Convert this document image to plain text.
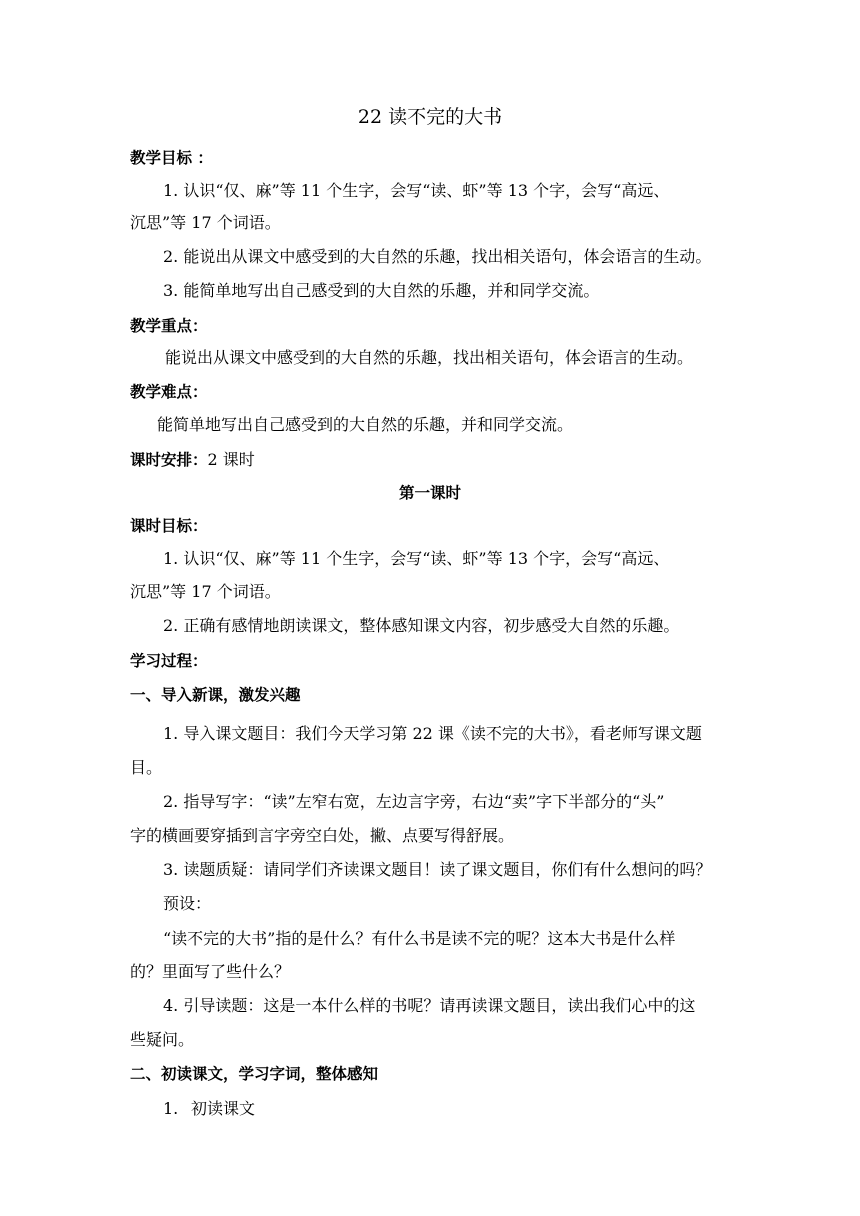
22 读不完的大书
教学目标 ：
1. 认识“仅、麻”等 11 个生字，会写“读、虾”等 13 个字，会写“高远、
沉思”等 17 个词语。
2. 能说出从课文中感受到的大自然的乐趣，找出相关语句，体会语言的生动。
3. 能简单地写出自己感受到的大自然的乐趣，并和同学交流。
教学重点：
能说出从课文中感受到的大自然的乐趣，找出相关语句，体会语言的生动。
教学难点：
能简单地写出自己感受到的大自然的乐趣，并和同学交流。
课时安排：2 课时
第一课时
课时目标：
1. 认识“仅、麻”等 11 个生字，会写“读、虾”等 13 个字，会写“高远、
沉思”等 17 个词语。
2. 正确有感情地朗读课文，整体感知课文内容，初步感受大自然的乐趣。
学习过程：
一、导入新课，激发兴趣
1. 导入课文题目：我们今天学习第 22 课《读不完的大书》，看老师写课文题
目。
2. 指导写字：“读”左窄右宽，左边言字旁，右边“卖”字下半部分的“头”
字的横画要穿插到言字旁空白处，撇、点要写得舒展。
3. 读题质疑：请同学们齐读课文题目！读了课文题目，你们有什么想问的吗？
预设：
“读不完的大书”指的是什么？有什么书是读不完的呢？这本大书是什么样
的？里面写了些什么？
4. 引导读题：这是一本什么样的书呢？请再读课文题目，读出我们心中的这
些疑问。
二、初读课文，学习字词，整体感知
1. 初读课文
